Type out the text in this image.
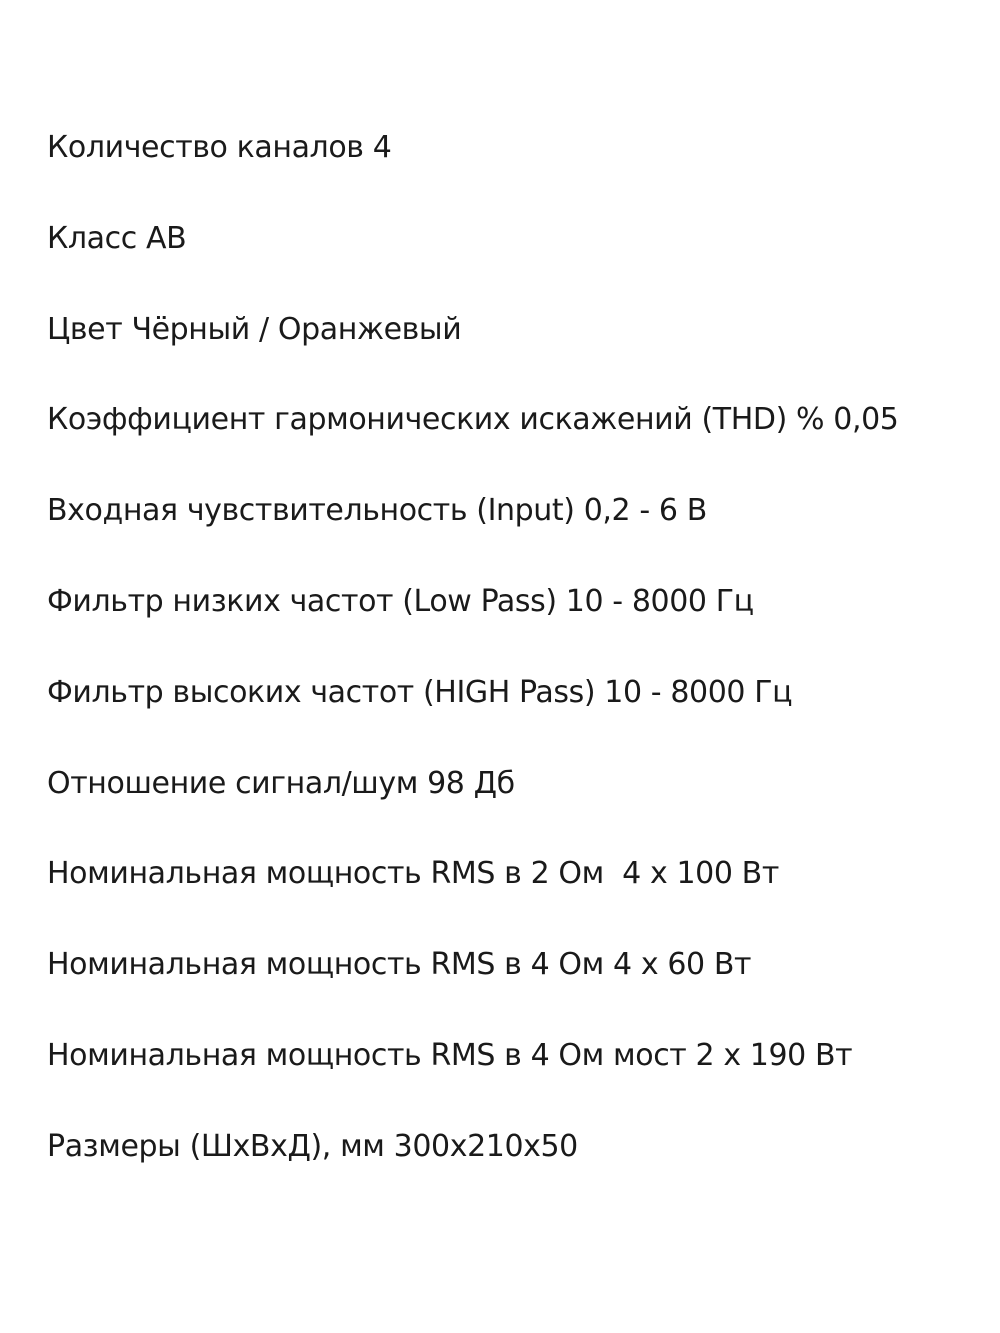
Количество каналов 4
Класс AB
Цвет Чёрный / Оранжевый
Коэффициент гармонических искажений (THD) % 0,05
Входная чувствительность (Input) 0,2 - 6 В
Фильтр низких частот (Low Pass) 10 - 8000 Гц
Фильтр высоких частот (HIGH Pass) 10 - 8000 Гц
Отношение сигнал/шум 98 Дб
Номинальная мощность RMS в 2 Ом  4 х 100 Вт
Номинальная мощность RMS в 4 Ом 4 х 60 Вт
Номинальная мощность RMS в 4 Ом мост 2 х 190 Вт
Размеры (ШхВхД), мм 300х210х50
